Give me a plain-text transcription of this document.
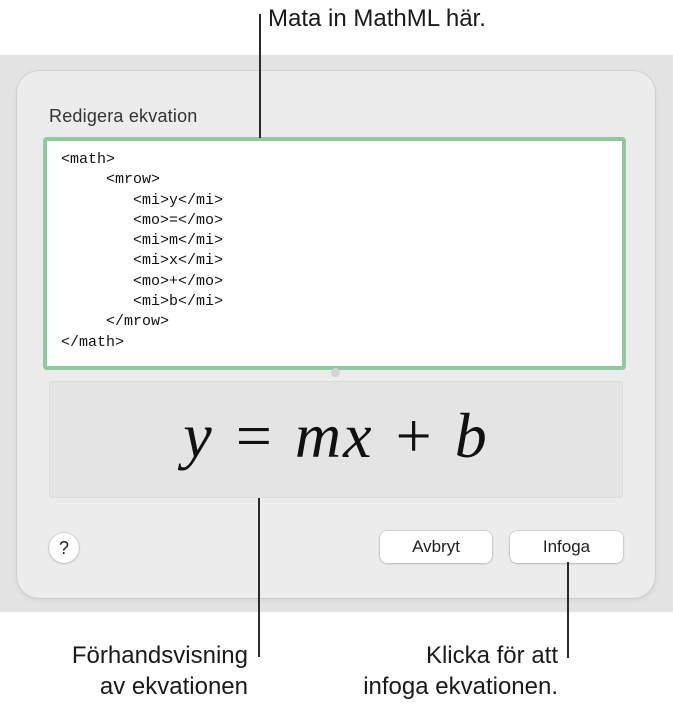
Redigera ekvation
<math>
<mrow>
<mi>y</mi>
<mo>=</mo>
<mi>m</mi>
<mi>x</mi>
<mo>+</mo>
<mi>b</mi>
</mrow>
</math>
y = mx + b
?	Avbryt	Infoga
Mata in MathML här.
Förhandsvisning
av ekvationen
Klicka för att
infoga ekvationen.
